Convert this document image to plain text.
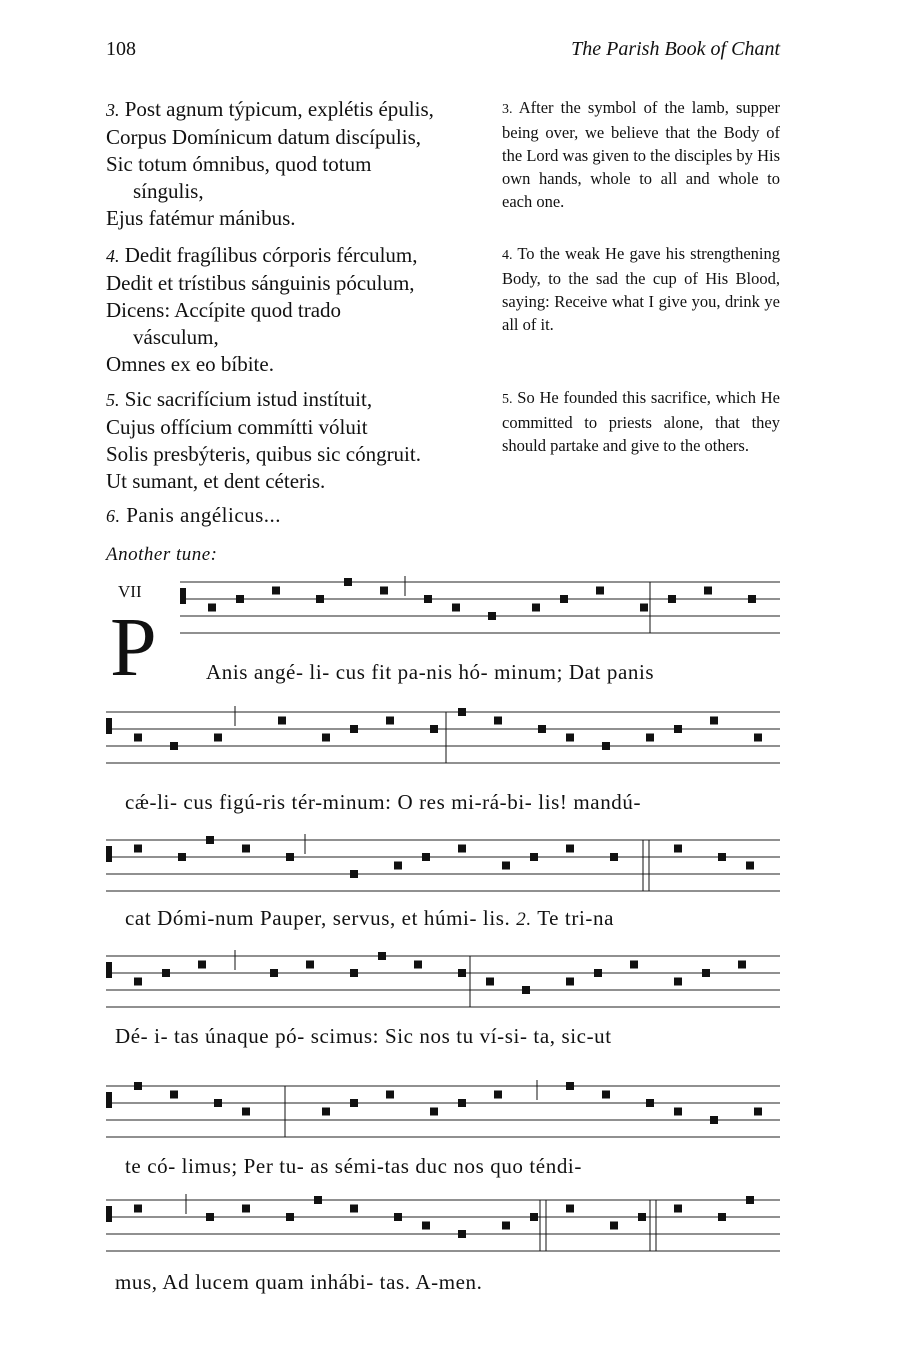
108	The Parish Book of Chant
3. Post agnum týpicum, explétis épulis,
Corpus Domínicum datum discípulis,
Sic totum ómnibus, quod totum
síngulis,
Ejus fatémur mánibus.
3. After the symbol of the lamb, supper being over, we believe that the Body of the Lord was given to the disciples by His own hands, whole to all and whole to each one.
4. Dedit fragílibus córporis férculum,
Dedit et trístibus sánguinis póculum,
Dicens: Accípite quod trado
vásculum,
Omnes ex eo bíbite.
4. To the weak He gave his strengthening Body, to the sad the cup of His Blood, saying: Receive what I give you, drink ye all of it.
5. Sic sacrifícium istud instítuit,
Cujus offícium commítti vóluit
Solis presbýteris, quibus sic cóngruit.
Ut sumant, et dent céteris.
5. So He founded this sacrifice, which He committed to priests alone, that they should partake and give to the others.
6. Panis angélicus...
Another tune:
VII
P Anis angé- li- cus fit pa-nis hó- minum; Dat panis
cǽ-li- cus figú-ris tér-minum: O res mi-rá-bi- lis! mandú-
cat Dómi-num Pauper, servus, et húmi- lis. 2. Te tri-na
Dé- i- tas únaque pó- scimus: Sic nos tu ví-si- ta, sic-ut
te có- limus; Per tu- as sémi-tas duc nos quo téndi-
mus, Ad lucem quam inhábi- tas. A-men.
